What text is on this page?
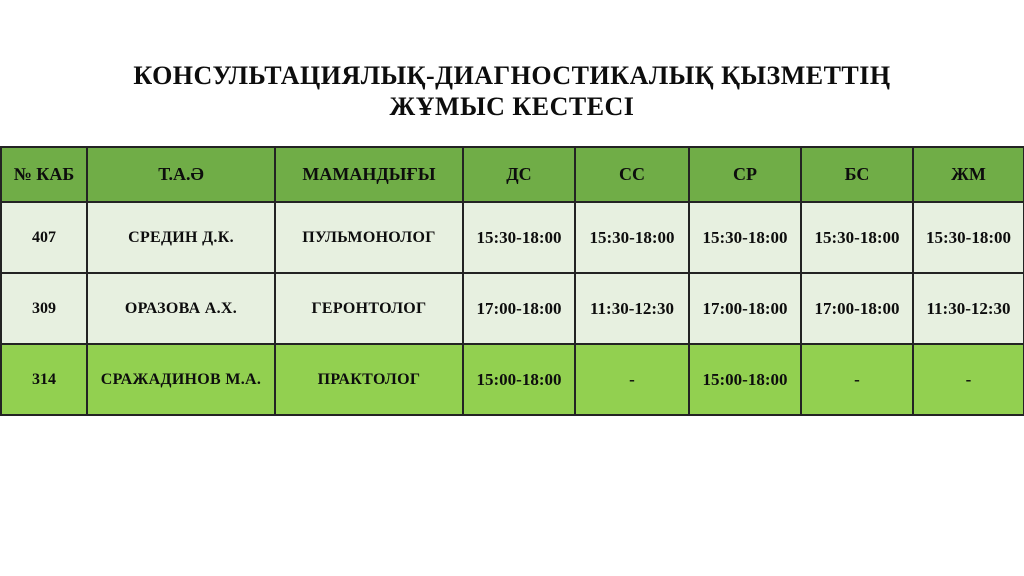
КОНСУЛЬТАЦИЯЛЫҚ-ДИАГНОСТИКАЛЫҚ ҚЫЗМЕТТІҢ
ЖҰМЫС КЕСТЕСІ
№ КАБ	Т.А.Ә	МАМАНДЫҒЫ	ДС	СС	СР	БС	ЖМ
407	СРЕДИН Д.К.	ПУЛЬМОНОЛОГ	15:30-18:00	15:30-18:00	15:30-18:00	15:30-18:00	15:30-18:00
309	ОРАЗОВА А.Х.	ГЕРОНТОЛОГ	17:00-18:00	11:30-12:30	17:00-18:00	17:00-18:00	11:30-12:30
314	СРАЖАДИНОВ М.А.	ПРАКТОЛОГ	15:00-18:00	-	15:00-18:00	-	-
